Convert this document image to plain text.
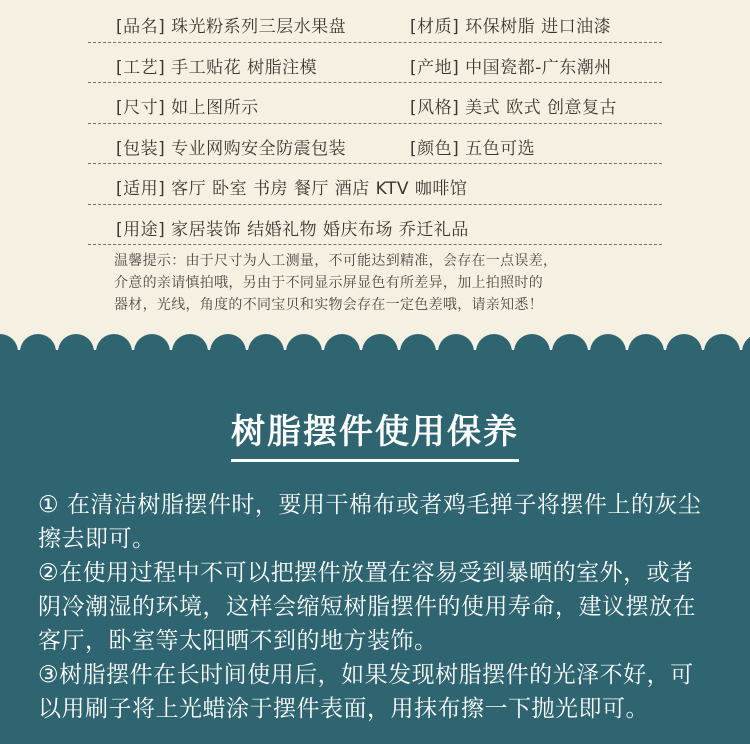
[品名] 珠光粉系列三层水果盘	[材质] 环保树脂 进口油漆
[工艺] 手工贴花 树脂注模	[产地] 中国瓷都-广东潮州
[尺寸] 如上图所示	[风格] 美式 欧式 创意复古
[包装] 专业网购安全防震包装	[颜色] 五色可选
[适用] 客厅 卧室 书房 餐厅 酒店 KTV 咖啡馆
[用途] 家居装饰 结婚礼物 婚庆布场 乔迁礼品
温馨提示：由于尺寸为人工测量，不可能达到精准，会存在一点误差，
介意的亲请慎拍哦，另由于不同显示屏显色有所差异，加上拍照时的
器材，光线，角度的不同宝贝和实物会存在一定色差哦，请亲知悉！
树脂摆件使用保养
① 在清洁树脂摆件时，要用干棉布或者鸡毛掸子将摆件上的灰尘
擦去即可。
②在使用过程中不可以把摆件放置在容易受到暴晒的室外，或者
阴冷潮湿的环境，这样会缩短树脂摆件的使用寿命，建议摆放在
客厅，卧室等太阳晒不到的地方装饰。
③树脂摆件在长时间使用后，如果发现树脂摆件的光泽不好，可
以用刷子将上光蜡涂于摆件表面，用抹布擦一下抛光即可。
